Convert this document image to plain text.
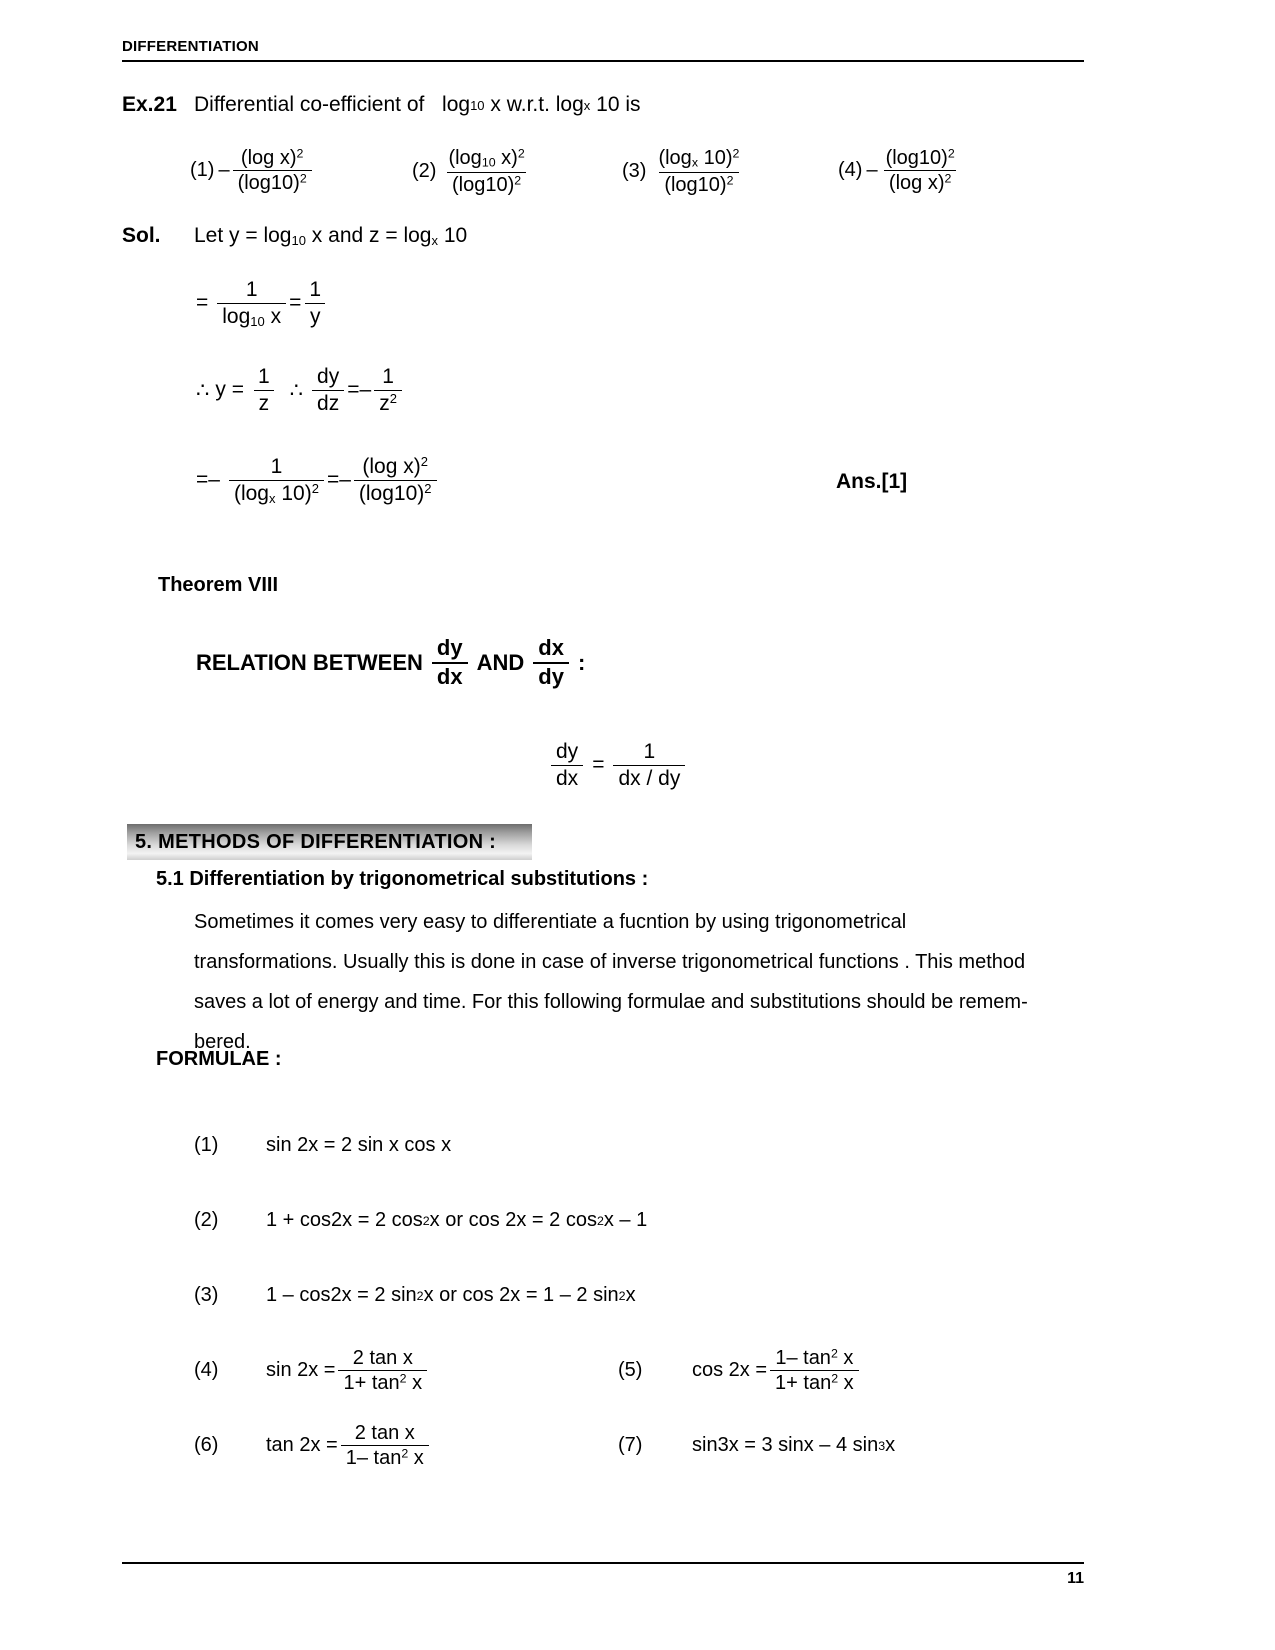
DIFFERENTIATION
Ex.21 Differential co-efficient of log 10 x w.r.t. log x 10 is
$(1) - \frac{(\log x)^2}{(\log 10)^2}$	$(2) \frac{(\log_{10} x)^2}{(\log 10)^2}$	$(3) \frac{(\log_x 10)^2}{(\log 10)^2}$	$(4) - \frac{(\log 10)^2}{(\log x)^2}$
Sol.	Let $y = \log_{10} x$ and $z = \log_x 10$
= $\frac{1}{\log_{10} x} = \frac{1}{y}$
∴ $y = \frac{1}{z}$ ∴ $\frac{dy}{dz}$ = – $\frac{1}{z^2}$
= – $\frac{1}{(\log_x 10)^2}$ = – $\frac{(\log x)^2}{(\log 10)^2}$	Ans.[1]
Theorem VIII
RELATION BETWEEN $\frac{dy}{dx}$ AND $\frac{dx}{dy}$ :
$\frac{dy}{dx} = \frac{1}{dx / dy}$
5. METHODS OF DIFFERENTIATION :
5.1 Differentiation by trigonometrical substitutions :
Sometimes it comes very easy to differentiate a fucntion by using trigonometrical
transformations. Usually this is done in case of inverse trigonometrical functions . This method
saves a lot of energy and time. For this following formulae and substitutions should be remem-
bered.
FORMULAE :
(1) sin 2x = 2 sin x cos x
(2) 1 + cos2x = 2 cos 2 x or cos 2x = 2 cos 2 x – 1
(3) 1 – cos2x = 2 sin 2 x or cos 2x = 1 – 2 sin 2 x
(4) $\sin 2x = \frac{\text{2 tan x}}{1+ \tan^2 x}$	(5) $\cos 2x = \frac{1- \tan^2 x}{1+ \tan^2 x}$
(6) $\tan 2x = \frac{\text{2 tan x}}{1- \tan^2 x}$	(7) sin3x = 3 sinx – 4 sin 3 x
11
